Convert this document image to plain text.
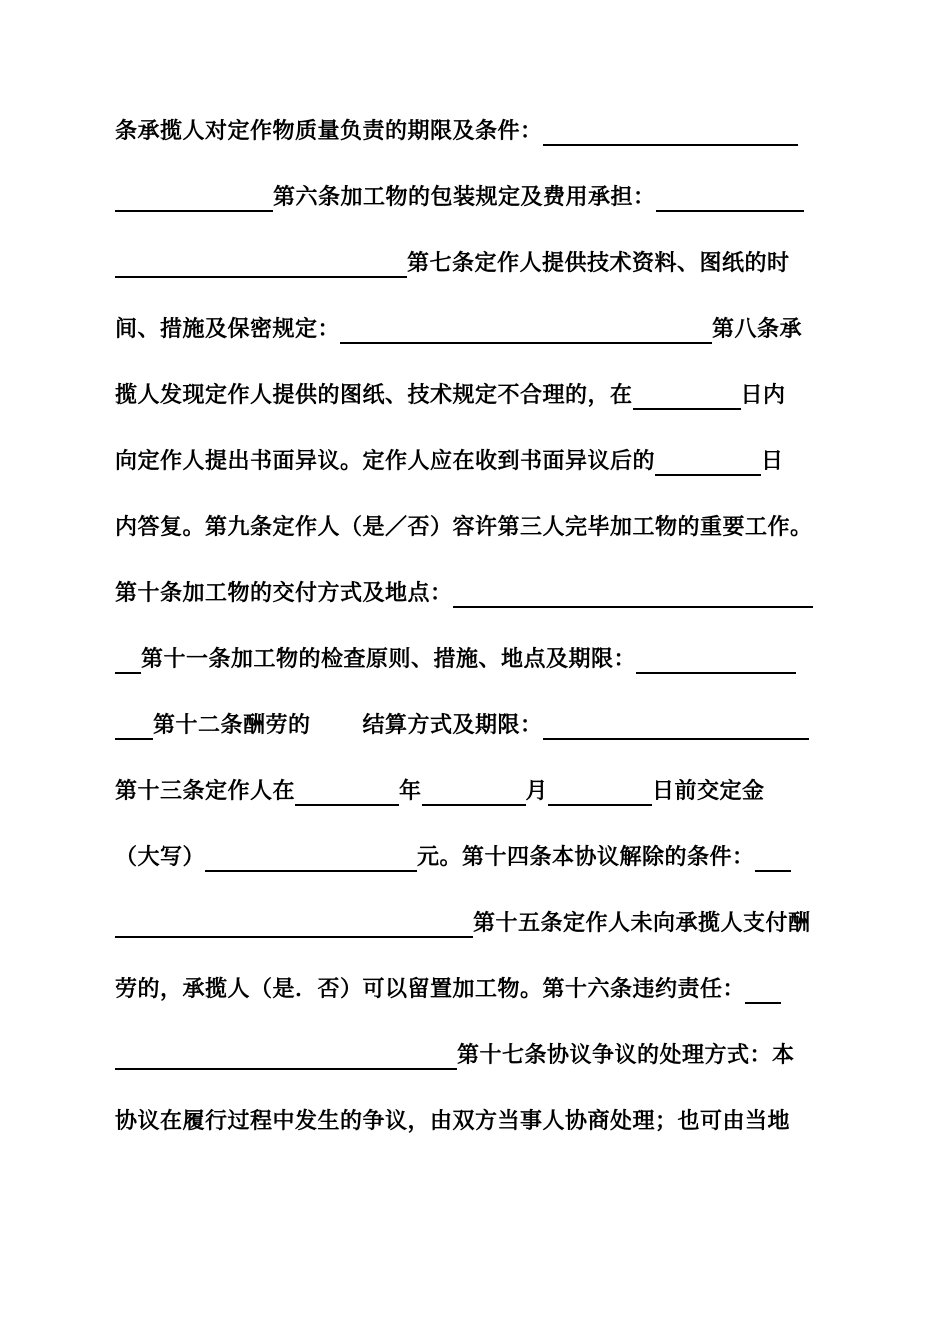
条承揽人对定作物质量负责的期限及条件：
第六条加工物的包装规定及费用承担：
第七条定作人提供技术资料、图纸的时
间、措施及保密规定：	第八条承
揽人发现定作人提供的图纸、技术规定不合理的，在	日内
向定作人提出书面异议。定作人应在收到书面异议后的	日
内答复。第九条定作人（是／否）容许第三人完毕加工物的重要工作。
第十条加工物的交付方式及地点：
第十一条加工物的检查原则、措施、地点及期限：
第十二条酬劳的 结算方式及期限：
第十三条定作人在	年	月	日前交定金
（大写）	元。第十四条本协议解除的条件：
第十五条定作人未向承揽人支付酬
劳的，承揽人（是．否）可以留置加工物。第十六条违约责任：
第十七条协议争议的处理方式：本
协议在履行过程中发生的争议，由双方当事人协商处理；也可由当地
